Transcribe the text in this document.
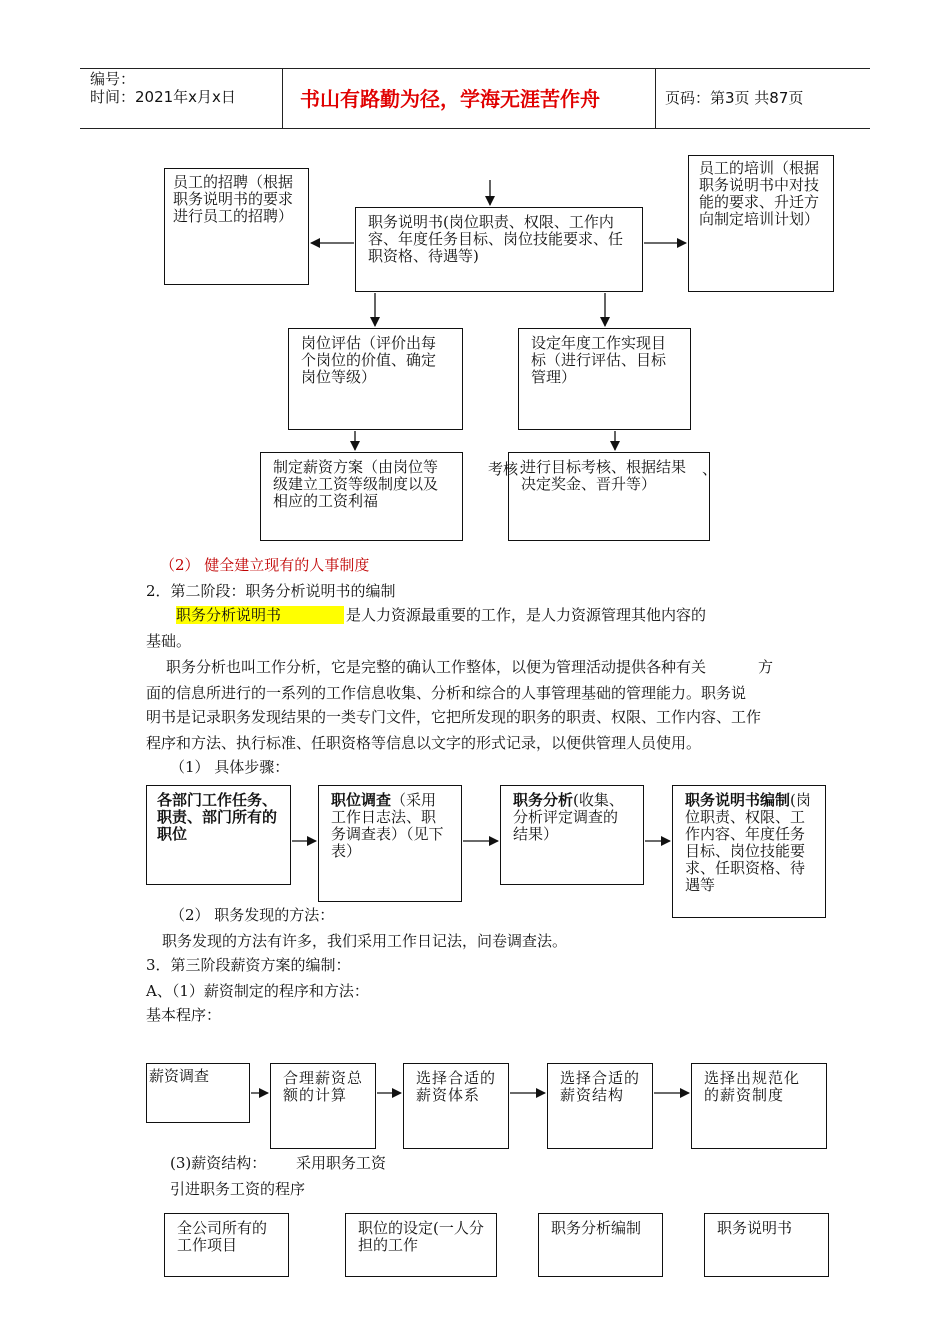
编号：
时间：2021年x月x日	书山有路勤为径，学海无涯苦作舟	页码：第3页 共87页
员工的招聘（根据职务说明书的要求进行员工的招聘）	职务说明书(岗位职责、权限、工作内容、年度任务目标、岗位技能要求、任职资格、待遇等)
员工的培训（根据职务说明书中对技能的要求、升迁方向制定培训计划）
岗位评估（评价出每个岗位的价值、确定岗位等级）
设定年度工作实现目标（进行评估、目标管理）
制定薪资方案（由岗位等级建立工资等级制度以及相应的工资利福
进行目标考核、根据结果决定奖金、晋升等）
考核：	、
（2） 健全建立现有的人事制度
2．第二阶段：职务分析说明书的编制
职务分析说明书	是人力资源最重要的工作，是人力资源管理其他内容的
基础。
职务分析也叫工作分析，它是完整的确认工作整体，以便为管理活动提供各种有关	方
面的信息所进行的一系列的工作信息收集、分析和综合的人事管理基础的管理能力。职务说
明书是记录职务发现结果的一类专门文件，它把所发现的职务的职责、权限、工作内容、工作
程序和方法、执行标准、任职资格等信息以文字的形式记录，以便供管理人员使用。
（1） 具体步骤：
各部门工作任务、职责、部门所有的职位
职位调查（采用工作日志法、职务调查表）（见下表）
职务分析(收集、分析评定调查的结果）
职务说明书编制(岗位职责、权限、工作内容、年度任务目标、岗位技能要求、任职资格、待遇等
（2） 职务发现的方法：
职务发现的方法有许多，我们采用工作日记法，问卷调查法。
3．第三阶段薪资方案的编制：
A、（1）薪资制定的程序和方法：
基本程序：
薪资调查	合理薪资总额的计算
选择合适的薪资体系
选择合适的薪资结构
选择出规范化的薪资制度
(3)薪资结构： 采用职务工资
引进职务工资的程序
全公司所有的工作项目
职位的设定(一人分担的工作
职务分析编制	职务说明书
